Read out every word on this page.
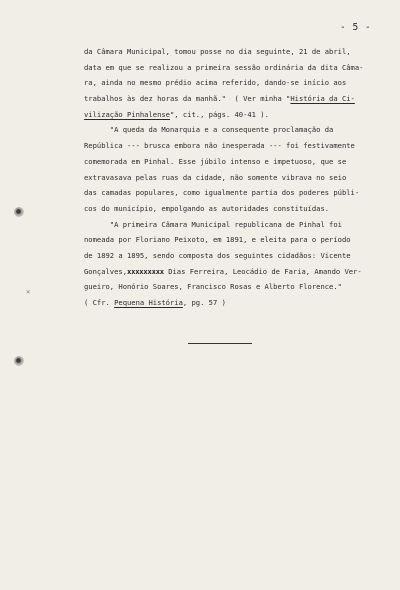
- 5 -
×
da Câmara Municipal, tomou posse no dia seguinte, 21 de abril,
data em que se realizou a primeira sessão ordinária da dita Câma-
ra, ainda no mesmo prédio acima referido, dando-se início aos
trabalhos às dez horas da manhã."  ( Ver minha "História da Ci-
vilização Pinhalense", cit., págs. 40-41 ).
"A queda da Monarquia e a consequente proclamação da
República --- brusca embora não inesperada --- foi festivamente
comemorada em Pinhal. Esse júbilo intenso e impetuoso, que se
extravasava pelas ruas da cidade, não somente vibrava no seio
das camadas populares, como igualmente partia dos poderes públi-
cos do município, empolgando as autoridades constituídas.
"A primeira Câmara Municipal republicana de Pinhal foi
nomeada por Floriano Peixoto, em 1891, e eleita para o período
de 1892 a 1895, sendo composta dos seguintes cidadãos: Vicente
Gonçalves,xxxxxxxxx Dias Ferreira, Leocádio de Faria, Amando Ver-
gueiro, Honório Soares, Francisco Rosas e Alberto Florence."
( Cfr. Pequena História, pg. 57 )
